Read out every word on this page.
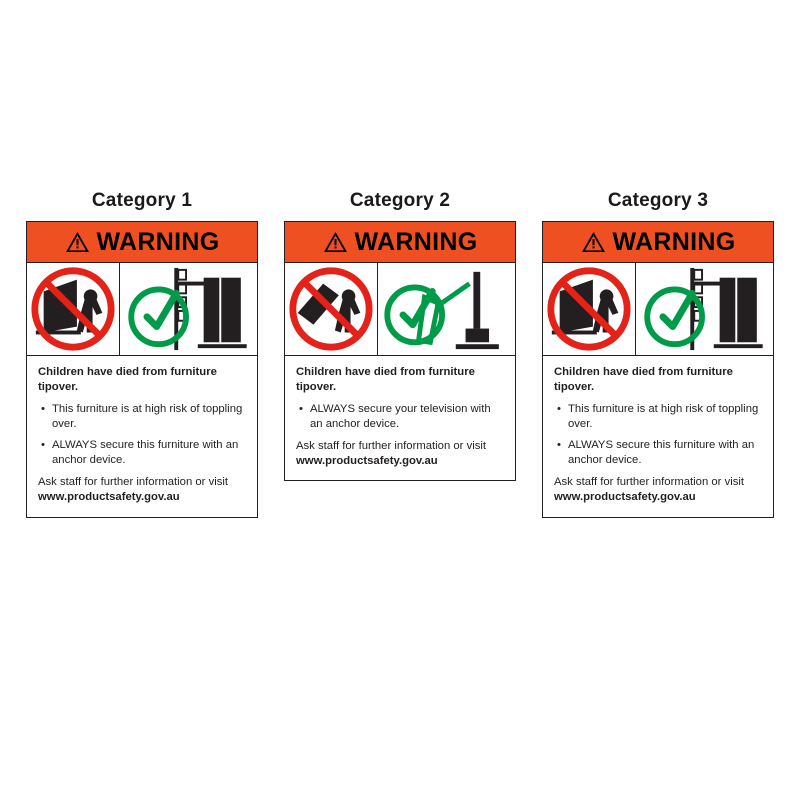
Category 1
WARNING

Children have died from furniture tipover.

• This furniture is at high risk of toppling over.
• ALWAYS secure this furniture with an anchor device.

Ask staff for further information or visit

www.productsafety.gov.au

Category 2
WARNING

Children have died from furniture tipover.

• ALWAYS secure your television with an anchor device.

Ask staff for further information or visit

www.productsafety.gov.au

Category 3
WARNING

Children have died from furniture tipover.

• This furniture is at high risk of toppling over.
• ALWAYS secure this furniture with an anchor device.

Ask staff for further information or visit

www.productsafety.gov.au
